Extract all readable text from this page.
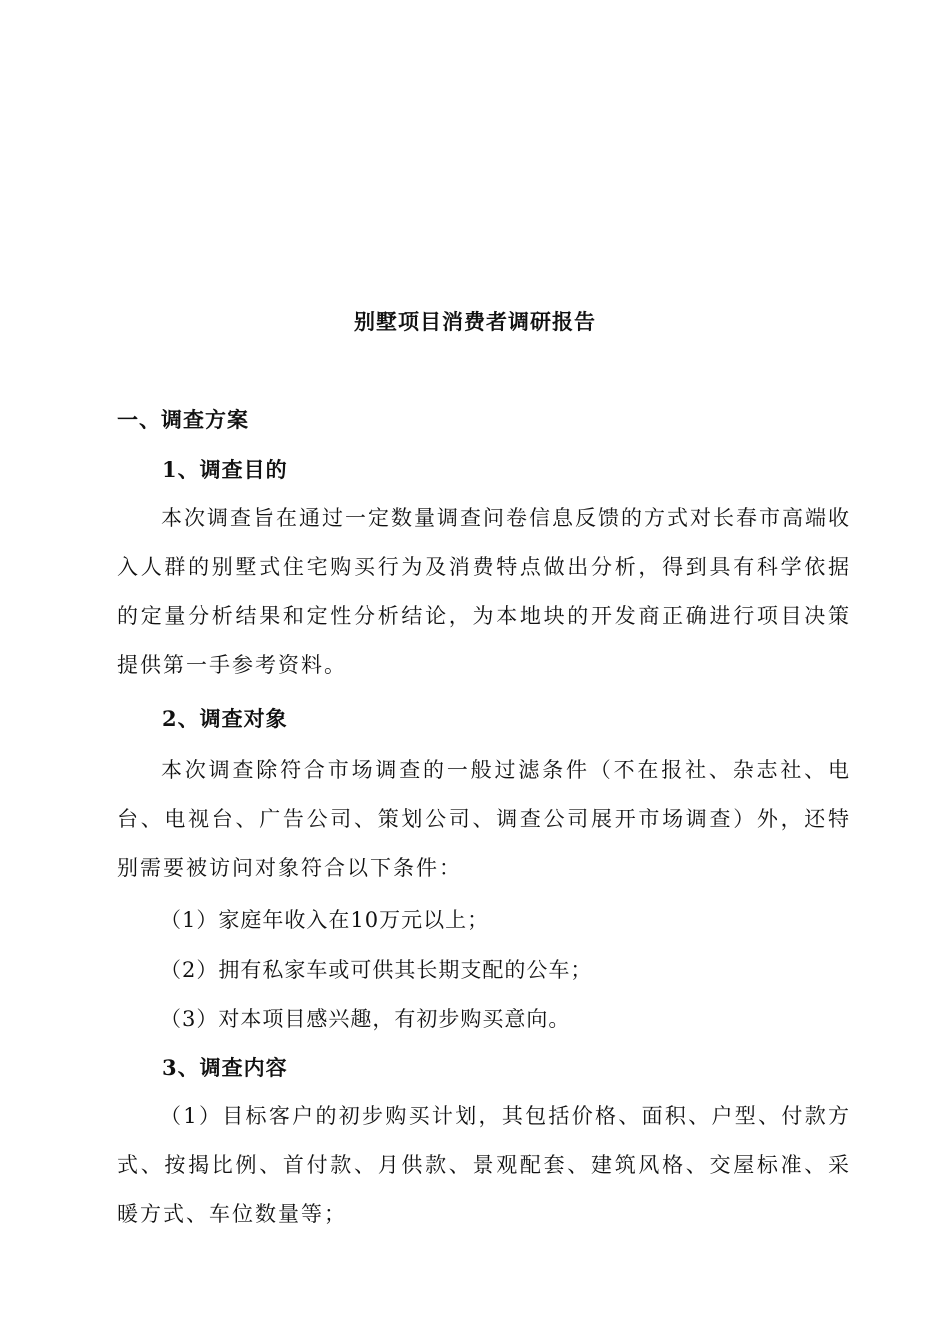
别墅项目消费者调研报告
一、调查方案
1、调查目的

本次调查旨在通过一定数量调查问卷信息反馈的方式对长春市高端收入人群的别墅式住宅购买行为及消费特点做出分析，得到具有科学依据的定量分析结果和定性分析结论，为本地块的开发商正确进行项目决策提供第一手参考资料。

2、调查对象

本次调查除符合市场调查的一般过滤条件（不在报社、杂志社、电台、电视台、广告公司、策划公司、调查公司展开市场调查）外，还特别需要被访问对象符合以下条件：

（1）家庭年收入在10万元以上；
（2）拥有私家车或可供其长期支配的公车；
（3）对本项目感兴趣，有初步购买意向。
3、调查内容

（1）目标客户的初步购买计划，其包括价格、面积、户型、付款方式、按揭比例、首付款、月供款、景观配套、建筑风格、交屋标准、采暖方式、车位数量等；
